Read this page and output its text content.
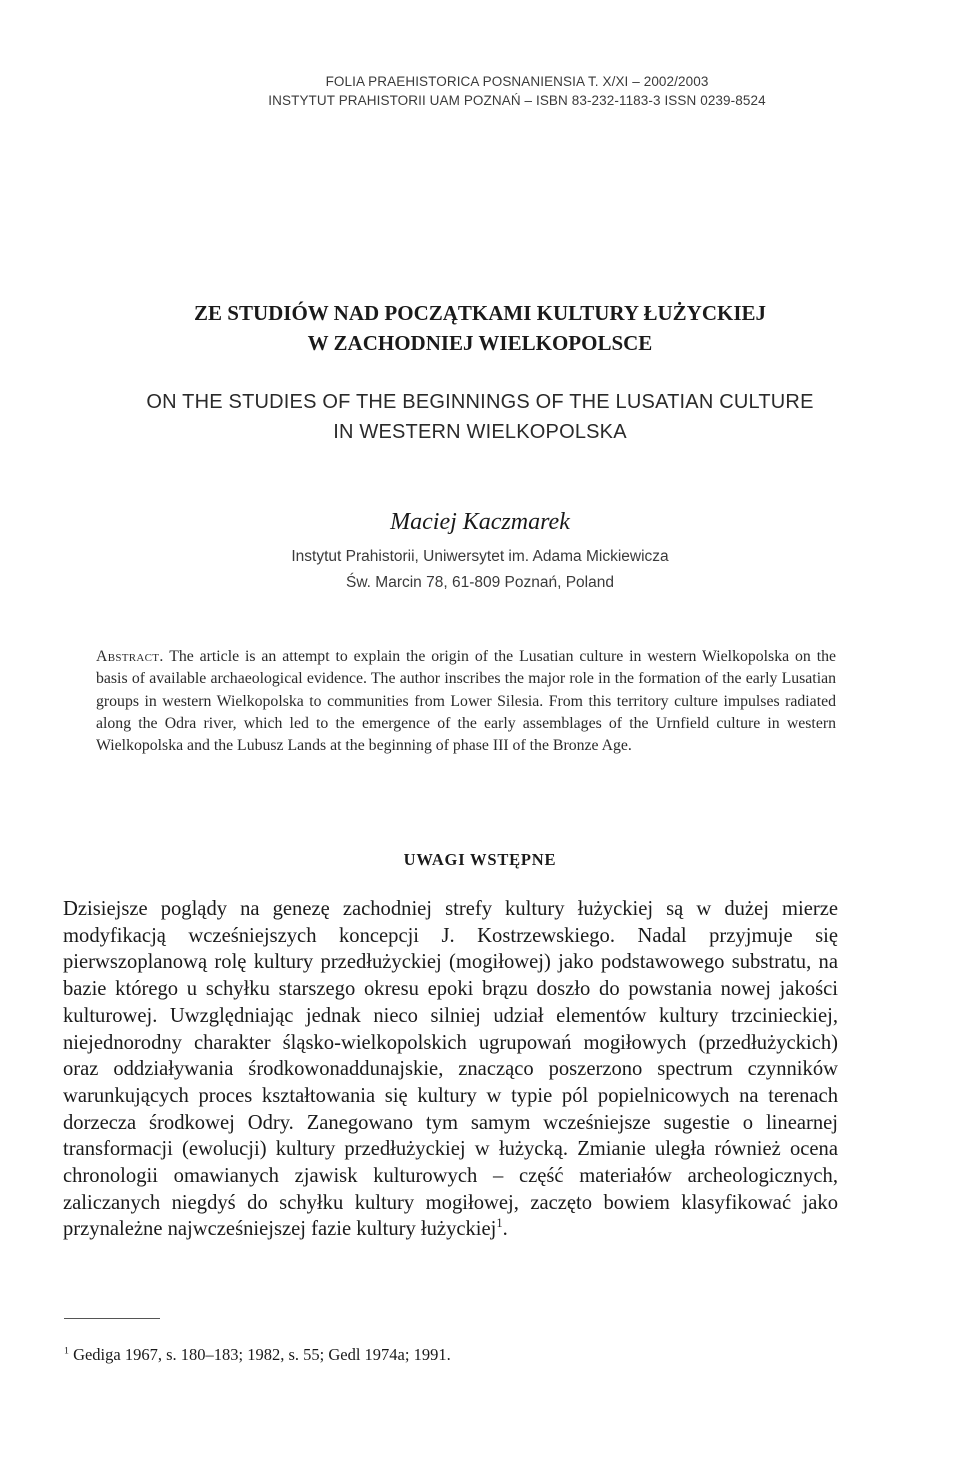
FOLIA PRAEHISTORICA POSNANIENSIA T. X/XI – 2002/2003
INSTYTUT PRAHISTORII UAM POZNAŃ – ISBN 83-232-1183-3 ISSN 0239-8524
ZE STUDIÓW NAD POCZĄTKAMI KULTURY ŁUŻYCKIEJ
W ZACHODNIEJ WIELKOPOLSCE
ON THE STUDIES OF THE BEGINNINGS OF THE LUSATIAN CULTURE
IN WESTERN WIELKOPOLSKA
Maciej Kaczmarek
Instytut Prahistorii, Uniwersytet im. Adama Mickiewicza
Św. Marcin 78, 61-809 Poznań, Poland
Abstract. The article is an attempt to explain the origin of the Lusatian culture in western Wielkopolska on the basis of available archaeological evidence. The author inscribes the major role in the formation of the early Lusatian groups in western Wielkopolska to communities from Lower Silesia. From this territory culture impulses radiated along the Odra river, which led to the emergence of the early assemblages of the Urnfield culture in western Wielkopolska and the Lubusz Lands at the beginning of phase III of the Bronze Age.
UWAGI WSTĘPNE

Dzisiejsze poglądy na genezę zachodniej strefy kultury łużyckiej są w dużej mierze modyfikacją wcześniejszych koncepcji J. Kostrzewskiego. Nadal przyjmuje się pierwszoplanową rolę kultury przedłużyckiej (mogiłowej) jako podstawowego substratu, na bazie którego u schyłku starszego okresu epoki brązu doszło do powstania nowej jakości kulturowej. Uwzględniając jednak nieco silniej udział elementów kultury trzcinieckiej, niejednorodny charakter śląsko-wielkopolskich ugrupowań mogiłowych (przedłużyckich) oraz oddziaływania środkowonaddunajskie, znacząco poszerzono spectrum czynników warunkujących proces kształtowania się kultury w typie pól popielnicowych na terenach dorzecza środkowej Odry. Zanegowano tym samym wcześniejsze sugestie o linearnej transformacji (ewolucji) kultury przedłużyckiej w łużycką. Zmianie uległa również ocena chronologii omawianych zjawisk kulturowych – część materiałów archeologicznych, zaliczanych niegdyś do schyłku kultury mogiłowej, zaczęto bowiem klasyfikować jako przynależne najwcześniejszej fazie kultury łużyckiej$^1$.

$^1$ Gediga 1967, s. 180–183; 1982, s. 55; Gedl 1974a; 1991.
